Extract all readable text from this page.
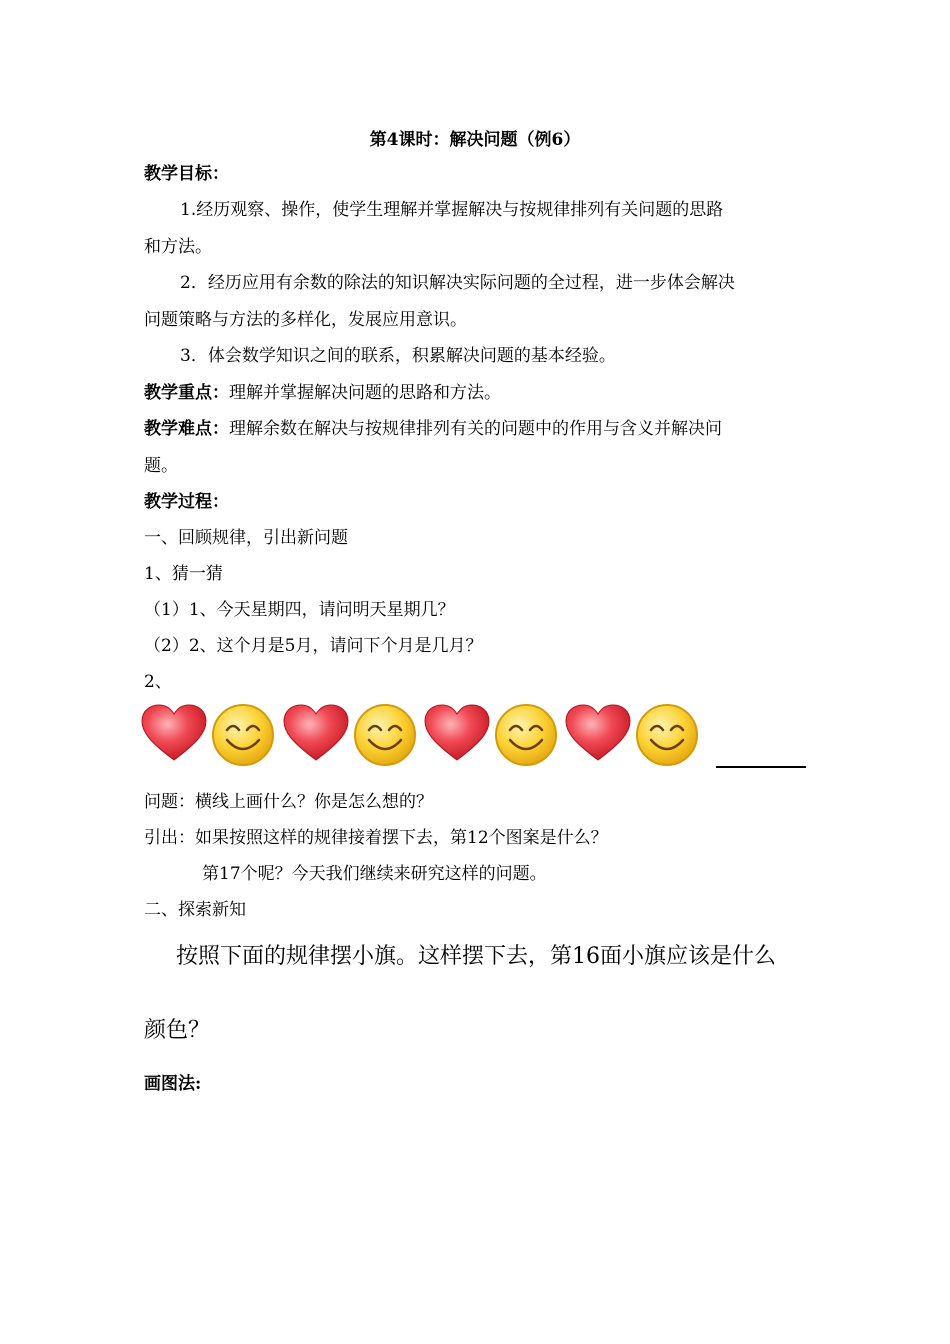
第4课时：解决问题（例6）
教学目标：
1.经历观察、操作，使学生理解并掌握解决与按规律排列有关问题的思路
和方法。
2．经历应用有余数的除法的知识解决实际问题的全过程，进一步体会解决
问题策略与方法的多样化，发展应用意识。
3．体会数学知识之间的联系，积累解决问题的基本经验。
教学重点：理解并掌握解决问题的思路和方法。
教学难点：理解余数在解决与按规律排列有关的问题中的作用与含义并解决问
题。
教学过程：
一、回顾规律，引出新问题
1、猜一猜
（1）1、今天星期四，请问明天星期几？
（2）2、这个月是5月，请问下个月是几月？
2、
问题：横线上画什么？你是怎么想的？
引出：如果按照这样的规律接着摆下去，第12个图案是什么？
第17个呢？今天我们继续来研究这样的问题。
二、探索新知
按照下面的规律摆小旗。这样摆下去，第16面小旗应该是什么
颜色？
画图法:
